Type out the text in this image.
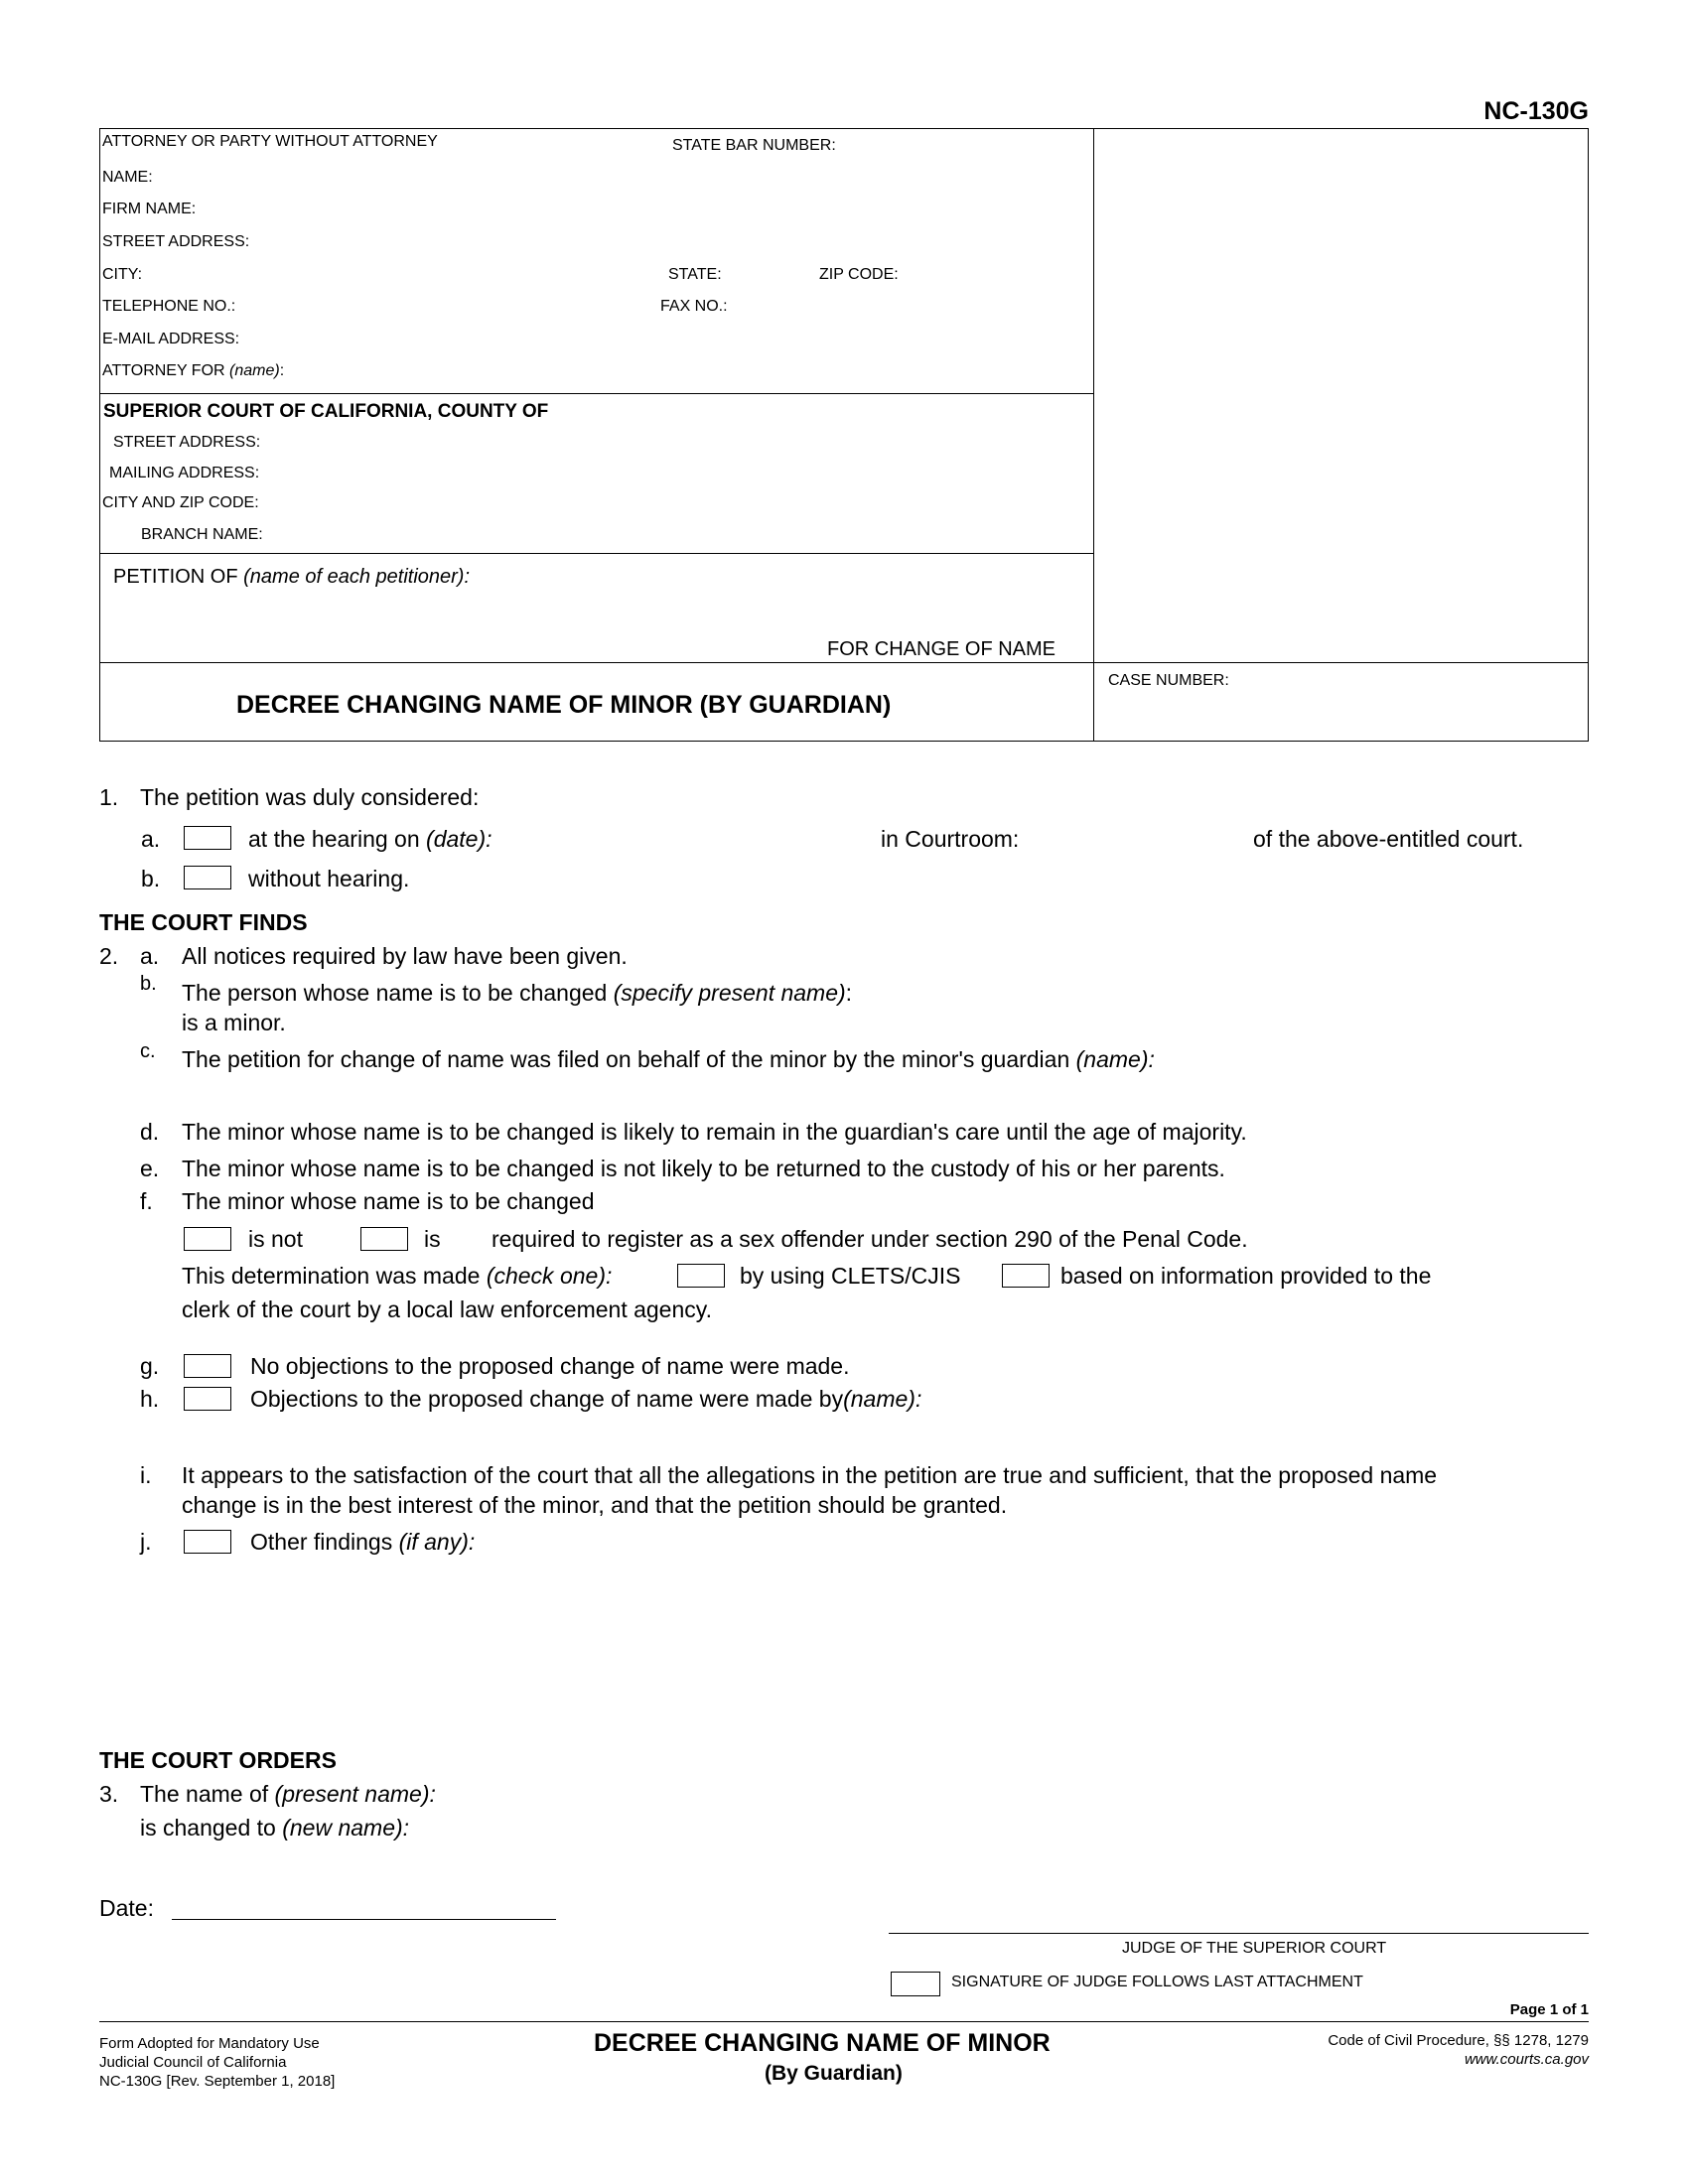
NC-130G
ATTORNEY OR PARTY WITHOUT ATTORNEY	STATE BAR NUMBER:
NAME:
FIRM NAME:
STREET ADDRESS:
CITY:	STATE:	ZIP CODE:
TELEPHONE NO.:	FAX NO.:
E-MAIL ADDRESS:
ATTORNEY FOR (name):
SUPERIOR COURT OF CALIFORNIA, COUNTY OF
STREET ADDRESS:
MAILING ADDRESS:
CITY AND ZIP CODE:
BRANCH NAME:
PETITION OF (name of each petitioner):
FOR CHANGE OF NAME
DECREE CHANGING NAME OF MINOR (BY GUARDIAN)
CASE NUMBER:
1. The petition was duly considered:
a.	at the hearing on (date):	in Courtroom:	of the above-entitled court.
b.	without hearing.
THE COURT FINDS
2. a. All notices required by law have been given.
b. The person whose name is to be changed (specify present name):
is a minor.
c. The petition for change of name was filed on behalf of the minor by the minor's guardian (name):
d. The minor whose name is to be changed is likely to remain in the guardian's care until the age of majority.
e. The minor whose name is to be changed is not likely to be returned to the custody of his or her parents.
f. The minor whose name is to be changed
is not	is required to register as a sex offender under section 290 of the Penal Code.
This determination was made (check one):	by using CLETS/CJIS	based on information provided to the
clerk of the court by a local law enforcement agency.
g.	No objections to the proposed change of name were made.
h.	Objections to the proposed change of name were made by(name):
i. It appears to the satisfaction of the court that all the allegations in the petition are true and sufficient, that the proposed name
change is in the best interest of the minor, and that the petition should be granted.
j.	Other findings (if any):
THE COURT ORDERS
3. The name of (present name):
is changed to (new name):
Date:
JUDGE OF THE SUPERIOR COURT
SIGNATURE OF JUDGE FOLLOWS LAST ATTACHMENT
Page 1 of 1
Form Adopted for Mandatory Use
Judicial Council of California
NC-130G [Rev. September 1, 2018]
DECREE CHANGING NAME OF MINOR
(By Guardian)
Code of Civil Procedure, §§ 1278, 1279
www.courts.ca.gov
